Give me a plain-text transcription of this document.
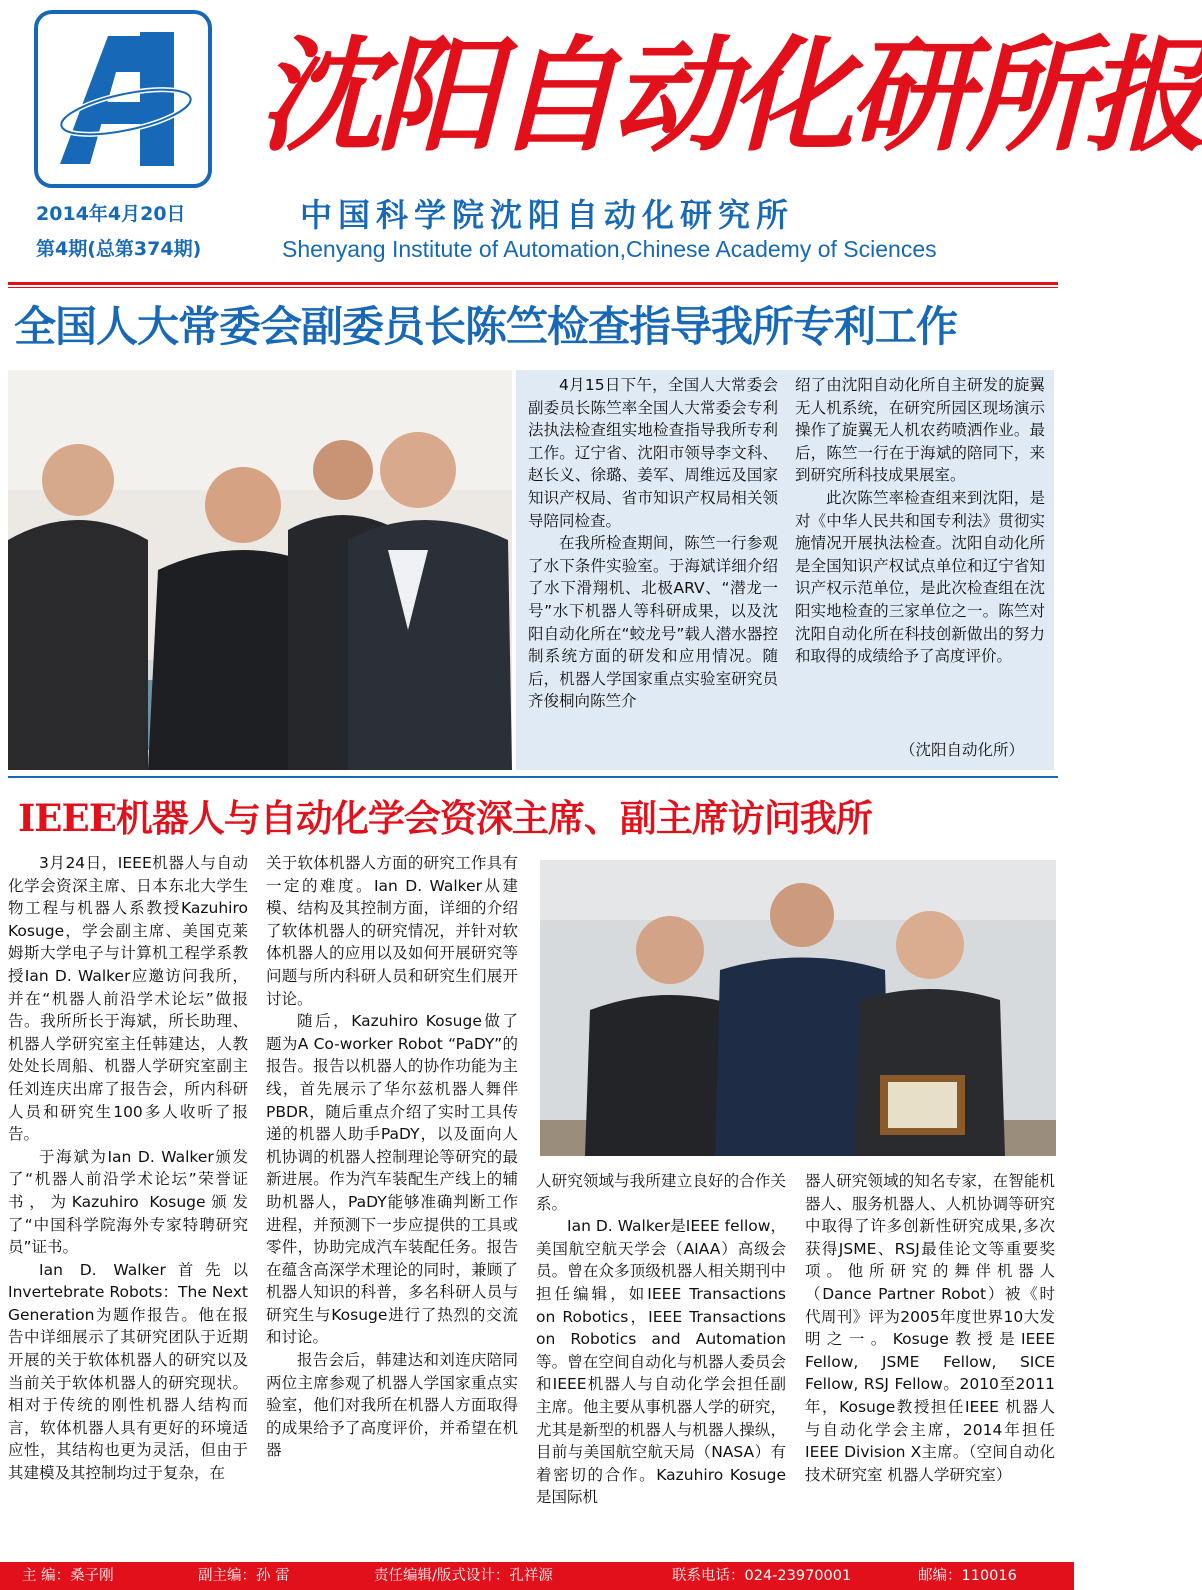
沈阳自动化研所报
2014年4月20日
第4期(总第374期)
中国科学院沈阳自动化研究所
Shenyang Institute of Automation,Chinese Academy of Sciences
全国人大常委会副委员长陈竺检查指导我所专利工作

4月15日下午，全国人大常委会副委员长陈竺率全国人大常委会专利法执法检查组实地检查指导我所专利工作。辽宁省、沈阳市领导李文科、赵长义、徐璐、姜军、周维远及国家知识产权局、省市知识产权局相关领导陪同检查。

在我所检查期间，陈竺一行参观了水下条件实验室。于海斌详细介绍了水下滑翔机、北极ARV、“潜龙一号”水下机器人等科研成果，以及沈阳自动化所在“蛟龙号”载人潜水器控制系统方面的研发和应用情况。随后，机器人学国家重点实验室研究员齐俊桐向陈竺介

绍了由沈阳自动化所自主研发的旋翼无人机系统，在研究所园区现场演示操作了旋翼无人机农药喷洒作业。最后，陈竺一行在于海斌的陪同下，来到研究所科技成果展室。

此次陈竺率检查组来到沈阳，是对《中华人民共和国专利法》贯彻实施情况开展执法检查。沈阳自动化所是全国知识产权试点单位和辽宁省知识产权示范单位，是此次检查组在沈阳实地检查的三家单位之一。陈竺对沈阳自动化所在科技创新做出的努力和取得的成绩给予了高度评价。

（沈阳自动化所）
IEEE机器人与自动化学会资深主席、副主席访问我所

3月24日，IEEE机器人与自动化学会资深主席、日本东北大学生物工程与机器人系教授Kazuhiro Kosuge，学会副主席、美国克莱姆斯大学电子与计算机工程学系教授Ian D. Walker应邀访问我所，并在“机器人前沿学术论坛”做报告。我所所长于海斌，所长助理、机器人学研究室主任韩建达，人教处处长周船、机器人学研究室副主任刘连庆出席了报告会，所内科研人员和研究生100多人收听了报告。

于海斌为Ian D. Walker颁发了“机器人前沿学术论坛”荣誉证书，为Kazuhiro Kosuge颁发了“中国科学院海外专家特聘研究员”证书。

Ian D. Walker首先以Invertebrate Robots：The Next Generation为题作报告。他在报告中详细展示了其研究团队于近期开展的关于软体机器人的研究以及当前关于软体机器人的研究现状。相对于传统的刚性机器人结构而言，软体机器人具有更好的环境适应性，其结构也更为灵活，但由于其建模及其控制均过于复杂，在

关于软体机器人方面的研究工作具有一定的难度。Ian D. Walker从建模、结构及其控制方面，详细的介绍了软体机器人的研究情况，并针对软体机器人的应用以及如何开展研究等问题与所内科研人员和研究生们展开讨论。

随后，Kazuhiro Kosuge做了题为A Co-worker Robot “PaDY”的报告。报告以机器人的协作功能为主线，首先展示了华尔兹机器人舞伴PBDR，随后重点介绍了实时工具传递的机器人助手PaDY，以及面向人机协调的机器人控制理论等研究的最新进展。作为汽车装配生产线上的辅助机器人，PaDY能够准确判断工作进程，并预测下一步应提供的工具或零件，协助完成汽车装配任务。报告在蕴含高深学术理论的同时，兼顾了机器人知识的科普，多名科研人员与研究生与Kosuge进行了热烈的交流和讨论。

报告会后，韩建达和刘连庆陪同两位主席参观了机器人学国家重点实验室，他们对我所在机器人方面取得的成果给予了高度评价，并希望在机器

人研究领域与我所建立良好的合作关系。

Ian D. Walker是IEEE fellow，美国航空航天学会（AIAA）高级会员。曾在众多顶级机器人相关期刊中担任编辑，如IEEE Transactions on Robotics，IEEE Transactions on Robotics and Automation等。曾在空间自动化与机器人委员会和IEEE机器人与自动化学会担任副主席。他主要从事机器人学的研究，尤其是新型的机器人与机器人操纵，目前与美国航空航天局（NASA）有着密切的合作。Kazuhiro Kosuge是国际机

器人研究领域的知名专家，在智能机器人、服务机器人、人机协调等研究中取得了许多创新性研究成果,多次获得JSME、RSJ最佳论文等重要奖项。他所研究的舞伴机器人（Dance Partner Robot）被《时代周刊》评为2005年度世界10大发明之一。Kosuge教授是IEEE Fellow, JSME Fellow, SICE Fellow, RSJ Fellow。2010至2011年，Kosuge教授担任IEEE 机器人与自动化学会主席，2014年担任IEEE Division X主席。（空间自动化技术研究室 机器人学研究室）
主 编：桑子刚	副主编：孙 雷	责任编辑/版式设计：孔祥源	联系电话：024-23970001	邮编：110016
